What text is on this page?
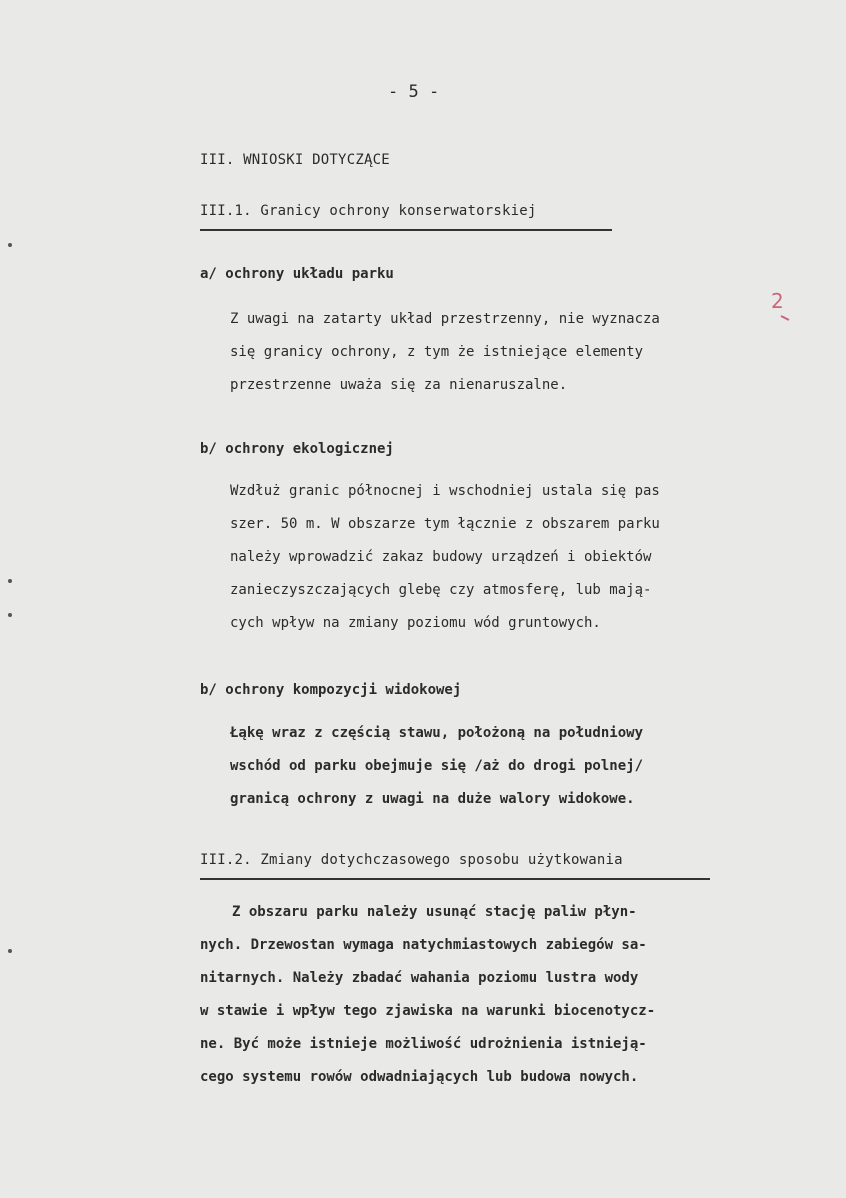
- 5 -
III. WNIOSKI DOTYCZĄCE
III.1. Granicy ochrony konserwatorskiej
a/ ochrony układu parku
Z uwagi na zatarty układ przestrzenny, nie wyznacza
się granicy ochrony, z tym że istniejące elementy
przestrzenne uważa się za nienaruszalne.
b/ ochrony ekologicznej
Wzdłuż granic północnej i wschodniej ustala się pas
szer. 50 m. W obszarze tym łącznie z obszarem parku
należy wprowadzić zakaz budowy urządzeń i obiektów
zanieczyszczających glebę czy atmosferę, lub mają-
cych wpływ na zmiany poziomu wód gruntowych.
b/ ochrony kompozycji widokowej
Łąkę wraz z częścią stawu, położoną na południowy
wschód od parku obejmuje się /aż do drogi polnej/
granicą ochrony z uwagi na duże walory widokowe.
III.2. Zmiany dotychczasowego sposobu użytkowania
Z obszaru parku należy usunąć stację paliw płyn-
nych. Drzewostan wymaga natychmiastowych zabiegów sa-
nitarnych. Należy zbadać wahania poziomu lustra wody
w stawie i wpływ tego zjawiska na warunki biocenotycz-
ne. Być może istnieje możliwość udrożnienia istnieją-
cego systemu rowów odwadniających lub budowa nowych.
2
